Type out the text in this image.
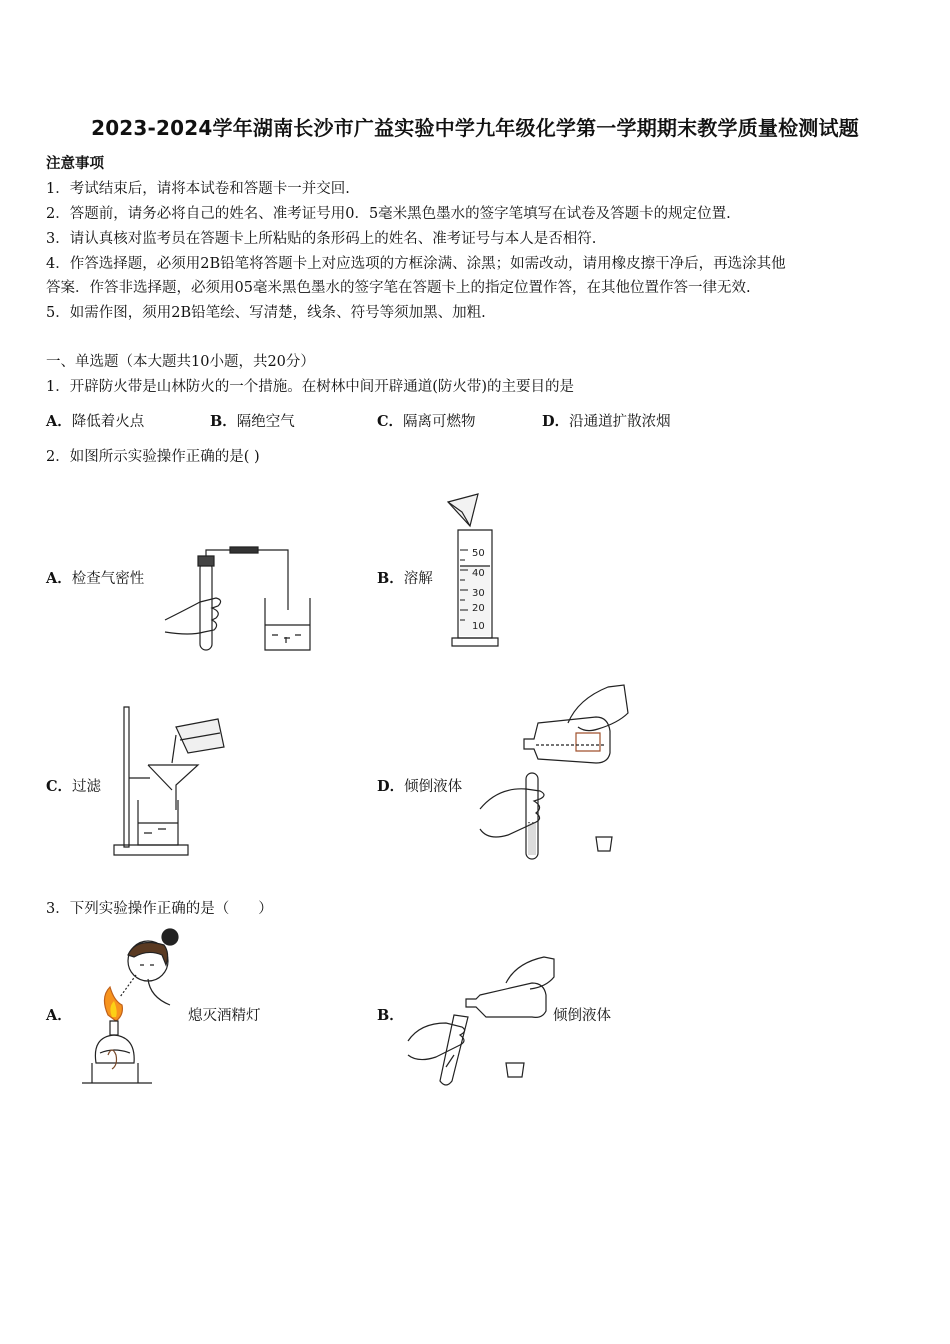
2023-2024学年湖南长沙市广益实验中学九年级化学第一学期期末教学质量检测试题
注意事项
1．考试结束后，请将本试卷和答题卡一并交回.
2．答题前，请务必将自己的姓名、准考证号用0．5毫米黑色墨水的签字笔填写在试卷及答题卡的规定位置.
3．请认真核对监考员在答题卡上所粘贴的条形码上的姓名、准考证号与本人是否相符.
4．作答选择题，必须用2B铅笔将答题卡上对应选项的方框涂满、涂黑；如需改动，请用橡皮擦干净后，再选涂其他
答案．作答非选择题，必须用05毫米黑色墨水的签字笔在答题卡上的指定位置作答，在其他位置作答一律无效.
5．如需作图，须用2B铅笔绘、写清楚，线条、符号等须加黑、加粗.
一、单选题（本大题共10小题，共20分）
1．开辟防火带是山林防火的一个措施。在树林中间开辟通道(防火带)的主要目的是
A．降低着火点	B．隔绝空气	C．隔离可燃物	D．沿通道扩散浓烟
2．如图所示实验操作正确的是( )
A．检查气密性	B．溶解
C．过滤	D．倾倒液体
50
40
30
20
10
3．下列实验操作正确的是（　　）
A．	熄灭酒精灯	B．	倾倒液体
